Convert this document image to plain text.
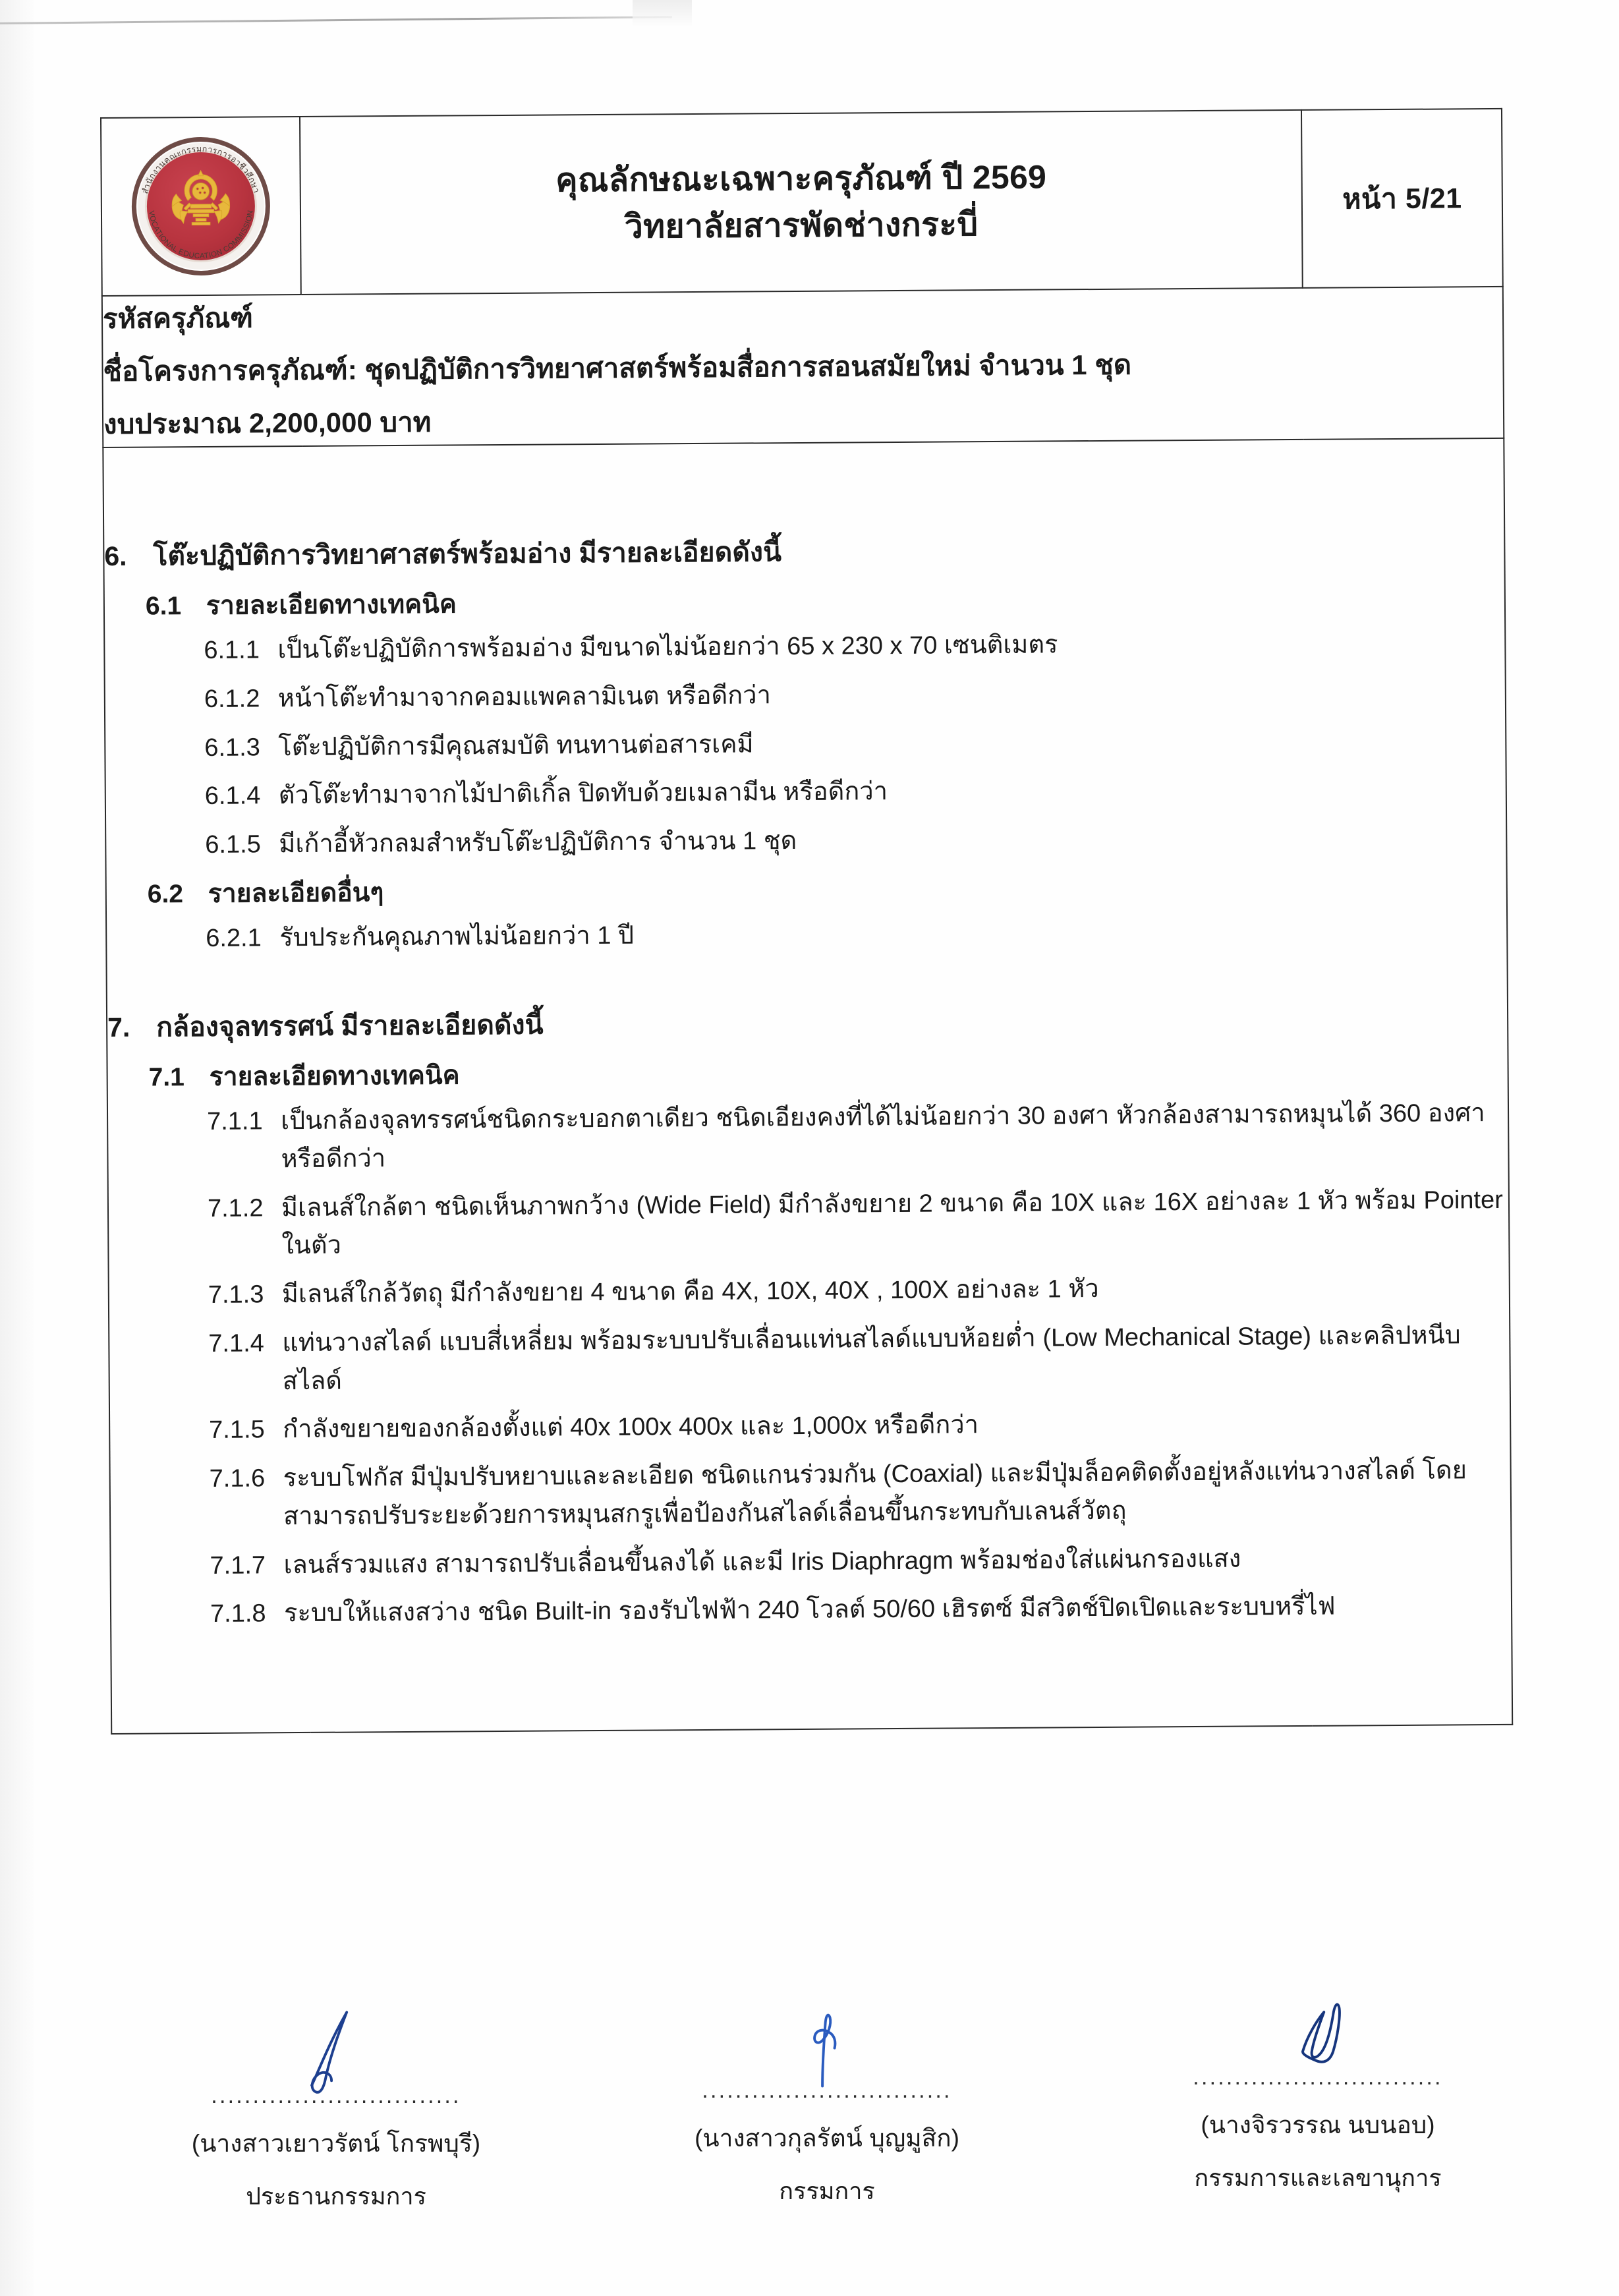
สำนักงานคณะกรรมการการอาชีวศึกษา
VOCATIONAL EDUCATION COMMISSION

คุณลักษณะเฉพาะครุภัณฑ์ ปี 2569
วิทยาลัยสารพัดช่างกระบี่

หน้า 5/21

รหัสครุภัณฑ์
ชื่อโครงการครุภัณฑ์: ชุดปฏิบัติการวิทยาศาสตร์พร้อมสื่อการสอนสมัยใหม่ จำนวน 1 ชุด
งบประมาณ 2,200,000 บาท

6. โต๊ะปฏิบัติการวิทยาศาสตร์พร้อมอ่าง มีรายละเอียดดังนี้
6.1 รายละเอียดทางเทคนิค
6.1.1 เป็นโต๊ะปฏิบัติการพร้อมอ่าง มีขนาดไม่น้อยกว่า 65 x 230 x 70 เซนติเมตร
6.1.2 หน้าโต๊ะทำมาจากคอมแพคลามิเนต หรือดีกว่า
6.1.3 โต๊ะปฏิบัติการมีคุณสมบัติ ทนทานต่อสารเคมี
6.1.4 ตัวโต๊ะทำมาจากไม้ปาติเกิ้ล ปิดทับด้วยเมลามีน หรือดีกว่า
6.1.5 มีเก้าอี้หัวกลมสำหรับโต๊ะปฏิบัติการ จำนวน 1 ชุด
6.2 รายละเอียดอื่นๆ
6.2.1 รับประกันคุณภาพไม่น้อยกว่า 1 ปี
7. กล้องจุลทรรศน์ มีรายละเอียดดังนี้
7.1 รายละเอียดทางเทคนิค
7.1.1 เป็นกล้องจุลทรรศน์ชนิดกระบอกตาเดียว ชนิดเอียงคงที่ได้ไม่น้อยกว่า 30 องศา หัวกล้องสามารถหมุนได้ 360 องศา หรือดีกว่า
7.1.2 มีเลนส์ใกล้ตา ชนิดเห็นภาพกว้าง (Wide Field) มีกำลังขยาย 2 ขนาด คือ 10X และ 16X อย่างละ 1 หัว พร้อม Pointer ในตัว
7.1.3 มีเลนส์ใกล้วัตถุ มีกำลังขยาย 4 ขนาด คือ 4X, 10X, 40X , 100X อย่างละ 1 หัว
7.1.4 แท่นวางสไลด์ แบบสี่เหลี่ยม พร้อมระบบปรับเลื่อนแท่นสไลด์แบบห้อยต่ำ (Low Mechanical Stage) และคลิปหนีบสไลด์
7.1.5 กำลังขยายของกล้องตั้งแต่ 40x 100x 400x และ 1,000x หรือดีกว่า
7.1.6 ระบบโฟกัส มีปุ่มปรับหยาบและละเอียด ชนิดแกนร่วมกัน (Coaxial) และมีปุ่มล็อคติดตั้งอยู่หลังแท่นวางสไลด์ โดยสามารถปรับระยะด้วยการหมุนสกรูเพื่อป้องกันสไลด์เลื่อนขึ้นกระทบกับเลนส์วัตถุ
7.1.7 เลนส์รวมแสง สามารถปรับเลื่อนขึ้นลงได้ และมี Iris Diaphragm พร้อมช่องใส่แผ่นกรองแสง
7.1.8 ระบบให้แสงสว่าง ชนิด Built-in รองรับไฟฟ้า 240 โวลต์ 50/60 เฮิรตซ์ มีสวิตช์ปิดเปิดและระบบหรี่ไฟ
..............................
(นางสาวเยาวรัตน์ โกรพบุรี)
ประธานกรรมการ
..............................
(นางสาวกุลรัตน์ บุญมูสิก)
กรรมการ
..............................
(นางจิรวรรณ นบนอบ)
กรรมการและเลขานุการ
